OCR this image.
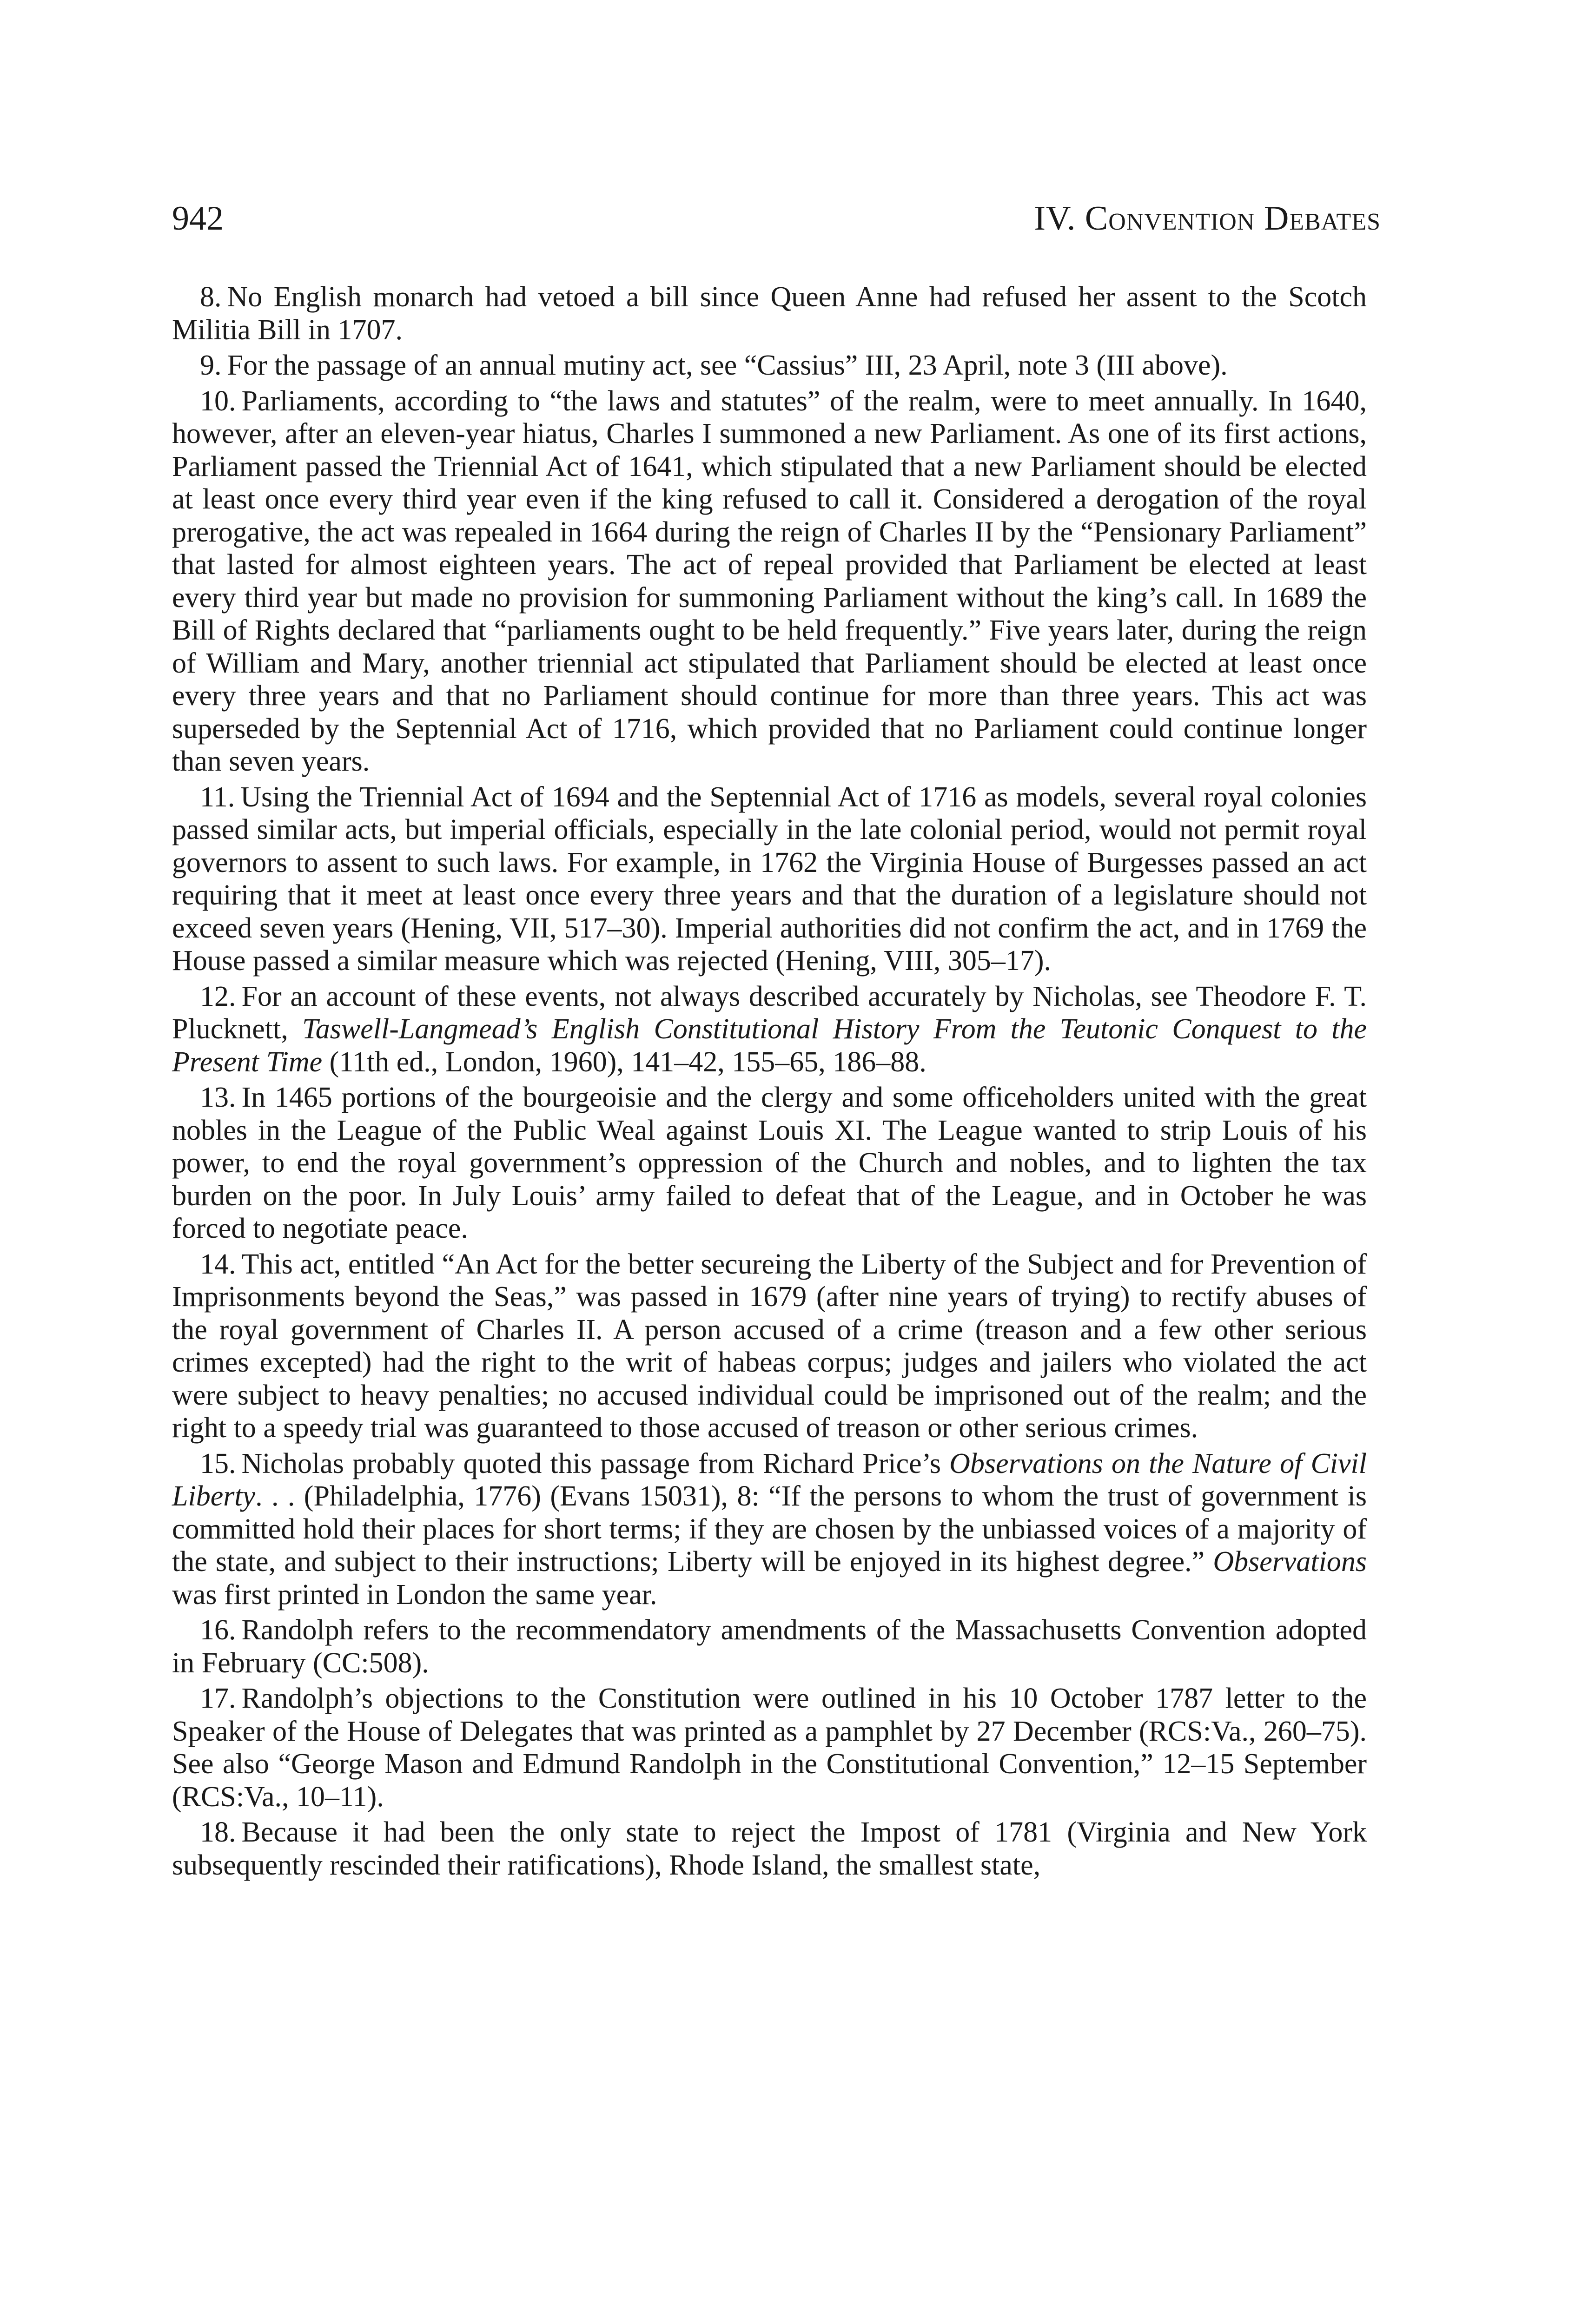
942	IV. Convention Debates

8. No English monarch had vetoed a bill since Queen Anne had refused her assent to the Scotch Militia Bill in 1707.

9. For the passage of an annual mutiny act, see “Cassius” III, 23 April, note 3 (III above).

10. Parliaments, according to “the laws and statutes” of the realm, were to meet annually. In 1640, however, after an eleven-year hiatus, Charles I summoned a new Parliament. As one of its first actions, Parliament passed the Triennial Act of 1641, which stipulated that a new Parliament should be elected at least once every third year even if the king refused to call it. Considered a derogation of the royal prerogative, the act was repealed in 1664 during the reign of Charles II by the “Pensionary Parliament” that lasted for almost eighteen years. The act of repeal provided that Parliament be elected at least every third year but made no provision for summoning Parliament without the king’s call. In 1689 the Bill of Rights declared that “parliaments ought to be held frequently.” Five years later, during the reign of William and Mary, another triennial act stipulated that Parliament should be elected at least once every three years and that no Parliament should continue for more than three years. This act was superseded by the Septennial Act of 1716, which provided that no Parliament could continue longer than seven years.

11. Using the Triennial Act of 1694 and the Septennial Act of 1716 as models, several royal colonies passed similar acts, but imperial officials, especially in the late colonial period, would not permit royal governors to assent to such laws. For example, in 1762 the Virginia House of Burgesses passed an act requiring that it meet at least once every three years and that the duration of a legislature should not exceed seven years (Hening, VII, 517–30). Imperial authorities did not confirm the act, and in 1769 the House passed a similar measure which was rejected (Hening, VIII, 305–17).

12. For an account of these events, not always described accurately by Nicholas, see Theodore F. T. Plucknett, Taswell-Langmead’s English Constitutional History From the Teutonic Conquest to the Present Time (11th ed., London, 1960), 141–42, 155–65, 186–88.

13. In 1465 portions of the bourgeoisie and the clergy and some officeholders united with the great nobles in the League of the Public Weal against Louis XI. The League wanted to strip Louis of his power, to end the royal government’s oppression of the Church and nobles, and to lighten the tax burden on the poor. In July Louis’ army failed to defeat that of the League, and in October he was forced to negotiate peace.

14. This act, entitled “An Act for the better secureing the Liberty of the Subject and for Prevention of Imprisonments beyond the Seas,” was passed in 1679 (after nine years of trying) to rectify abuses of the royal government of Charles II. A person accused of a crime (treason and a few other serious crimes excepted) had the right to the writ of habeas corpus; judges and jailers who violated the act were subject to heavy penalties; no accused individual could be imprisoned out of the realm; and the right to a speedy trial was guaranteed to those accused of treason or other serious crimes.

15. Nicholas probably quoted this passage from Richard Price’s Observations on the Nature of Civil Liberty. . . (Philadelphia, 1776) (Evans 15031), 8: “If the persons to whom the trust of government is committed hold their places for short terms; if they are chosen by the unbiassed voices of a majority of the state, and subject to their instructions; Liberty will be enjoyed in its highest degree.” Observations was first printed in London the same year.

16. Randolph refers to the recommendatory amendments of the Massachusetts Convention adopted in February (CC:508).

17. Randolph’s objections to the Constitution were outlined in his 10 October 1787 letter to the Speaker of the House of Delegates that was printed as a pamphlet by 27 December (RCS:Va., 260–75). See also “George Mason and Edmund Randolph in the Constitutional Convention,” 12–15 September (RCS:Va., 10–11).

18. Because it had been the only state to reject the Impost of 1781 (Virginia and New York subsequently rescinded their ratifications), Rhode Island, the smallest state,
